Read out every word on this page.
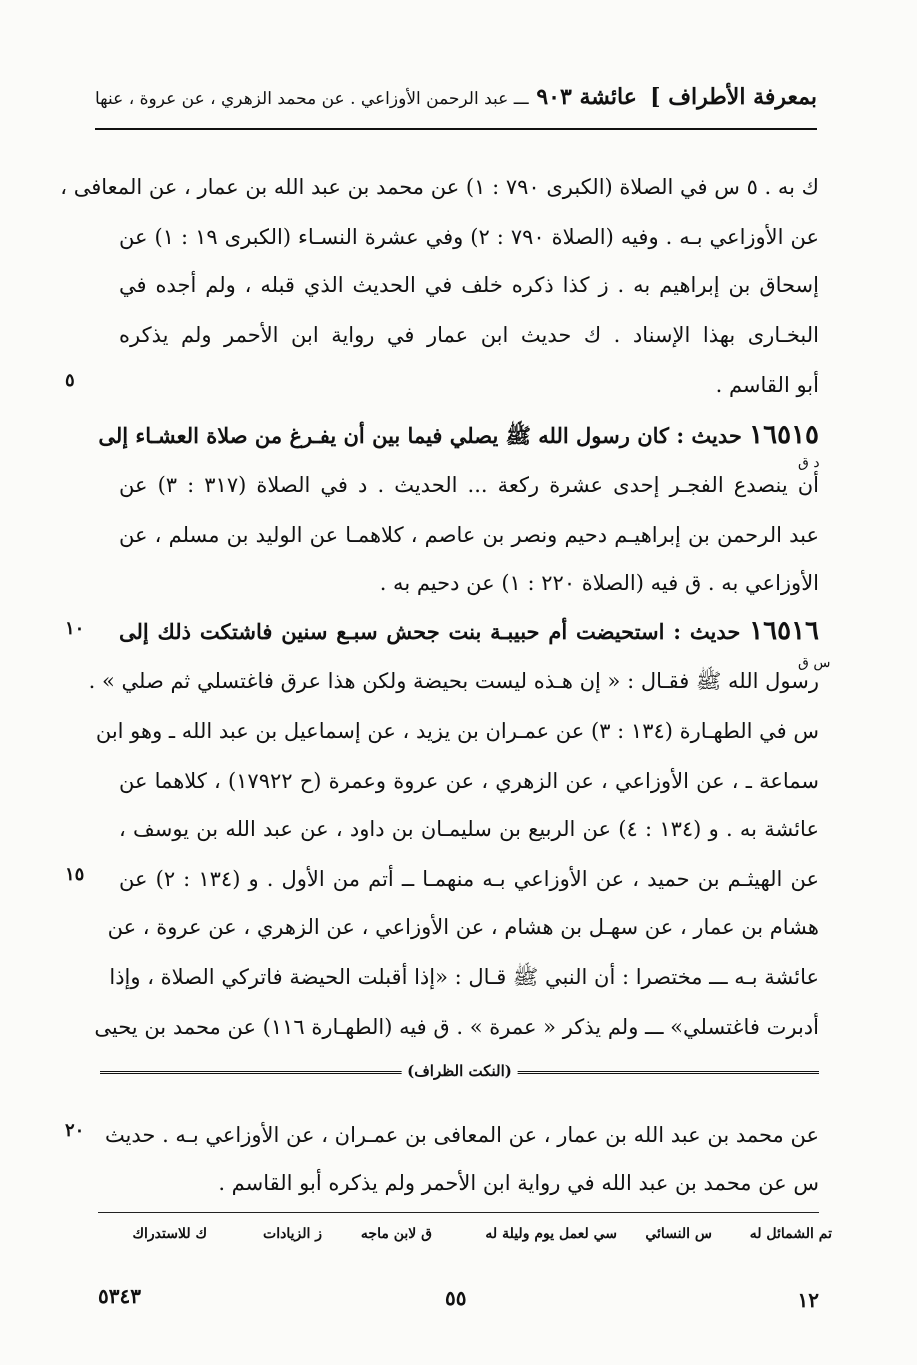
بمعرفة الأطراف ]
عائشة ٩٠٣ ـــ عبد الرحمن الأوزاعي . عن محمد الزهري ، عن عروة ، عنها
ك به . ٥ س في الصلاة (الكبرى ٧٩٠ : ١) عن محمد بن عبد الله بن عمار ، عن المعافى ،
عن الأوزاعي بـه . وفيه (الصلاة ٧٩٠ : ٢) وفي عشرة النسـاء (الكبرى ١٩ : ١) عن
إسحاق بن إبراهيم به . ز كذا ذكره خلف في الحديث الذي قبله ، ولم أجده في
البخـارى بهذا الإسناد . ك حديث ابن عمار في رواية ابن الأحمر ولم يذكره
أبو القاسم .
٥
١٦٥١٥ حديث : كان رسول الله ﷺ يصلي فيما بين أن يفـرغ من صلاة العشـاء إلى
د ق
أن ينصدع الفجـر إحدى عشرة ركعة ... الحديث . د في الصلاة (٣١٧ : ٣) عن
عبد الرحمن بن إبراهيـم دحيم ونصر بن عاصم ، كلاهمـا عن الوليد بن مسلم ، عن
الأوزاعي به . ق فيه (الصلاة ٢٢٠ : ١) عن دحيم به .
١٦٥١٦ حديث : استحيضت أم حبيبـة بنت جحش سبـع سنين فاشتكت ذلك إلى
١٠
س ق
رسول الله ﷺ فقـال : « إن هـذه ليست بحيضة ولكن هذا عرق فاغتسلي ثم صلي » .
س في الطهـارة (١٣٤ : ٣) عن عمـران بن يزيد ، عن إسماعيل بن عبد الله ـ وهو ابن
سماعة ـ ، عن الأوزاعي ، عن الزهري ، عن عروة وعمرة (ح ١٧٩٢٢) ، كلاهما عن
عائشة به . و (١٣٤ : ٤) عن الربيع بن سليمـان بن داود ، عن عبد الله بن يوسف ،
عن الهيثـم بن حميد ، عن الأوزاعي بـه منهمـا ــ أتم من الأول . و (١٣٤ : ٢) عن
١٥
هشام بن عمار ، عن سهـل بن هشام ، عن الأوزاعي ، عن الزهري ، عن عروة ، عن
عائشة بـه ـــ مختصرا : أن النبي ﷺ قـال : «إذا أقبلت الحيضة فاتركي الصلاة ، وإذا
أدبرت فاغتسلي» ـــ ولم يذكر « عمرة » . ق فيه (الطهـارة ١١٦) عن محمد بن يحيى
(النكت الظراف)
عن محمد بن عبد الله بن عمار ، عن المعافى بن عمـران ، عن الأوزاعي بـه . حديث
٢٠
س عن محمد بن عبد الله في رواية ابن الأحمر ولم يذكره أبو القاسم .
تم الشمائل له
س النسائي
سي لعمل يوم وليلة له
ق لابن ماجه
ز الزيادات
ك للاستدراك
١٢
٥٥
٥٣٤٣
